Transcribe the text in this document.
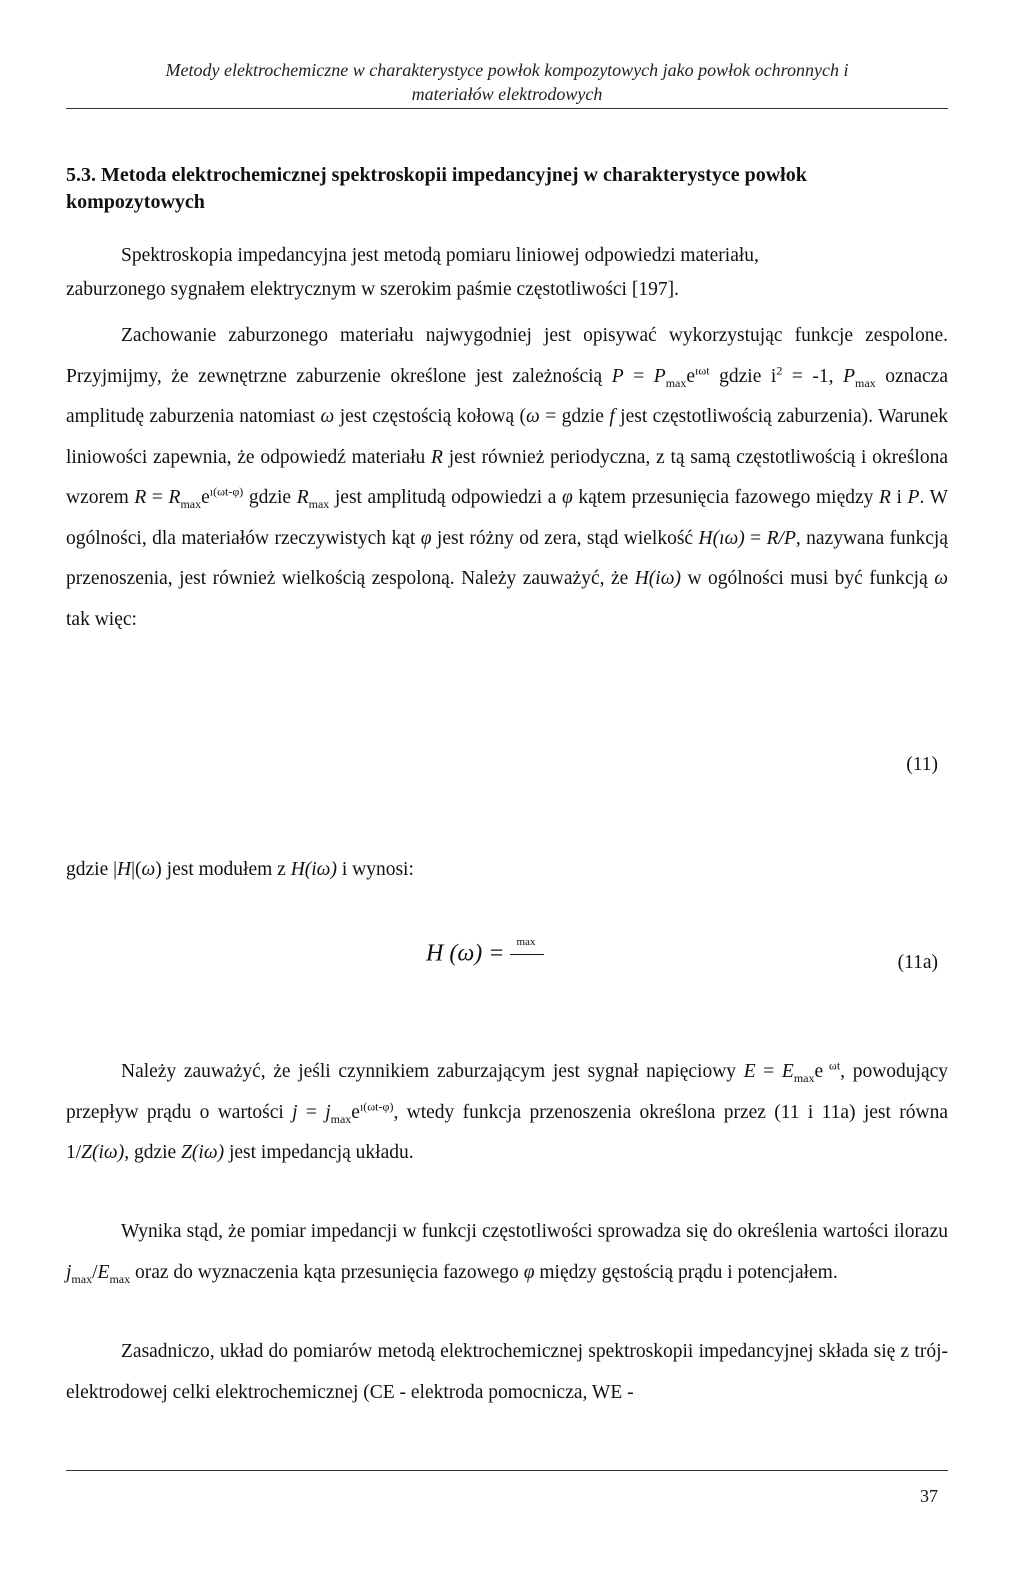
Metody elektrochemiczne w charakterystyce powłok kompozytowych jako powłok ochronnych i
materiałów elektrodowych
5.3. Metoda elektrochemicznej spektroskopii impedancyjnej w charakterystyce powłok kompozytowych

Spektroskopia impedancyjna jest metodą pomiaru liniowej odpowiedzi materiału,
zaburzonego sygnałem elektrycznym w szerokim paśmie częstotliwości [197].

Zachowanie zaburzonego materiału najwygodniej jest opisywać wykorzystując funkcje zespolone. Przyjmijmy, że zewnętrzne zaburzenie określone jest zależnością $P = P_{max}e^{ı\omega t}$ gdzie $i^2 = -1$, $P_{max}$ oznacza amplitudę zaburzenia natomiast ω jest częstością kołową (ω = gdzie f jest częstotliwością zaburzenia). Warunek liniowości zapewnia, że odpowiedź materiału R jest również periodyczna, z tą samą częstotliwością i określona wzorem $R = R_{max}e^{ı(\omega t-\varphi)}$ gdzie $R_{max}$ jest amplitudą odpowiedzi a φ kątem przesunięcia fazowego między R i P. W ogólności, dla materiałów rzeczywistych kąt φ jest różny od zera, stąd wielkość H(ıω) = R/P, nazywana funkcją przenoszenia, jest również wielkością zespoloną. Należy zauważyć, że H(iω) w ogólności musi być funkcją ω tak więc:

(11)

gdzie |H|(ω) jest modułem z H(iω) i wynosi:

H (ω) = max
(11a)

Należy zauważyć, że jeśli czynnikiem zaburzającym jest sygnał napięciowy $E = E_{max}e$ $^{\omega t}$, powodujący przepływ prądu o wartości $j = j_{max}e^{ı(\omega t-\varphi)}$, wtedy funkcja przenoszenia określona przez (11 i 11a) jest równa 1/Z(iω), gdzie Z(iω) jest impedancją układu.

Wynika stąd, że pomiar impedancji w funkcji częstotliwości sprowadza się do określenia wartości ilorazu $j_{max}/E_{max}$ oraz do wyznaczenia kąta przesunięcia fazowego φ między gęstością prądu i potencjałem.

Zasadniczo, układ do pomiarów metodą elektrochemicznej spektroskopii impedancyjnej składa się z trój-elektrodowej celki elektrochemicznej (CE - elektroda pomocnicza, WE -

37
